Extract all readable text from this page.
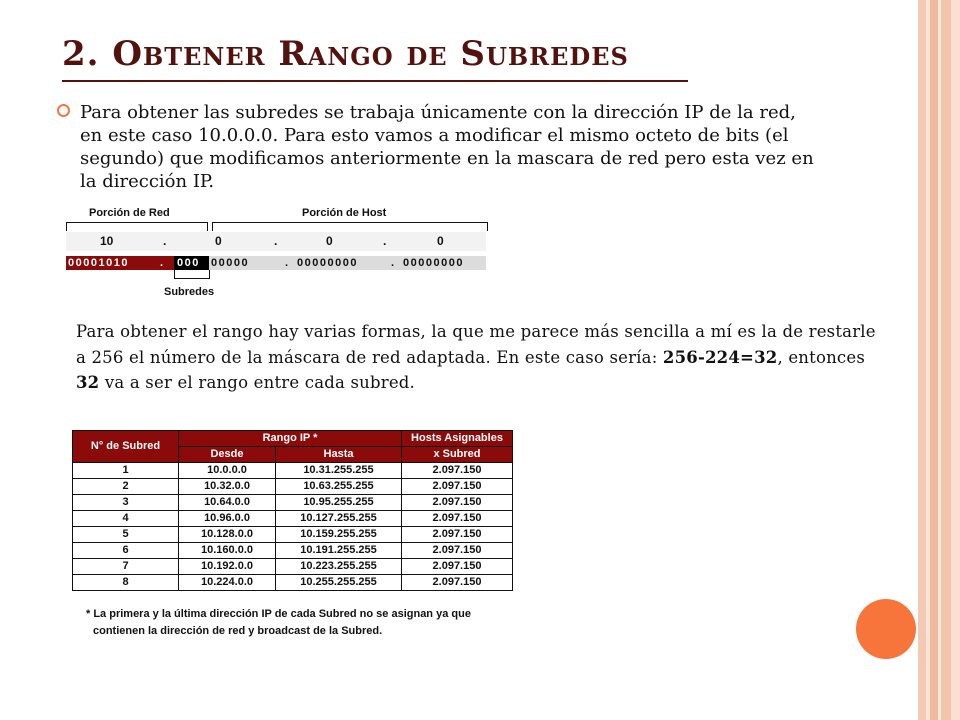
2. Obtener Rango de Subredes
Para obtener las subredes se trabaja únicamente con la dirección IP de la red, en este caso 10.0.0.0. Para esto vamos a modificar el mismo octeto de bits (el segundo) que modificamos anteriormente en la mascara de red pero esta vez en la dirección IP.
Porción de Red	Porción de Host
10	.	0	.	0	.	0
00001010	. 000 00000	. 00000000	. 00000000
Subredes
Para obtener el rango hay varias formas, la que me parece más sencilla a mí es la de restarle a 256 el número de la máscara de red adaptada. En este caso sería: 256-224=32, entonces 32 va a ser el rango entre cada subred.
N° de Subred	Rango IP *		Hosts Asignables
	Desde	Hasta	x Subred
1	10.0.0.0	10.31.255.255	2.097.150
2	10.32.0.0	10.63.255.255	2.097.150
3	10.64.0.0	10.95.255.255	2.097.150
4	10.96.0.0	10.127.255.255	2.097.150
5	10.128.0.0	10.159.255.255	2.097.150
6	10.160.0.0	10.191.255.255	2.097.150
7	10.192.0.0	10.223.255.255	2.097.150
8	10.224.0.0	10.255.255.255	2.097.150
* La primera y la última dirección IP de cada Subred no se asignan ya que
contienen la dirección de red y broadcast de la Subred.
